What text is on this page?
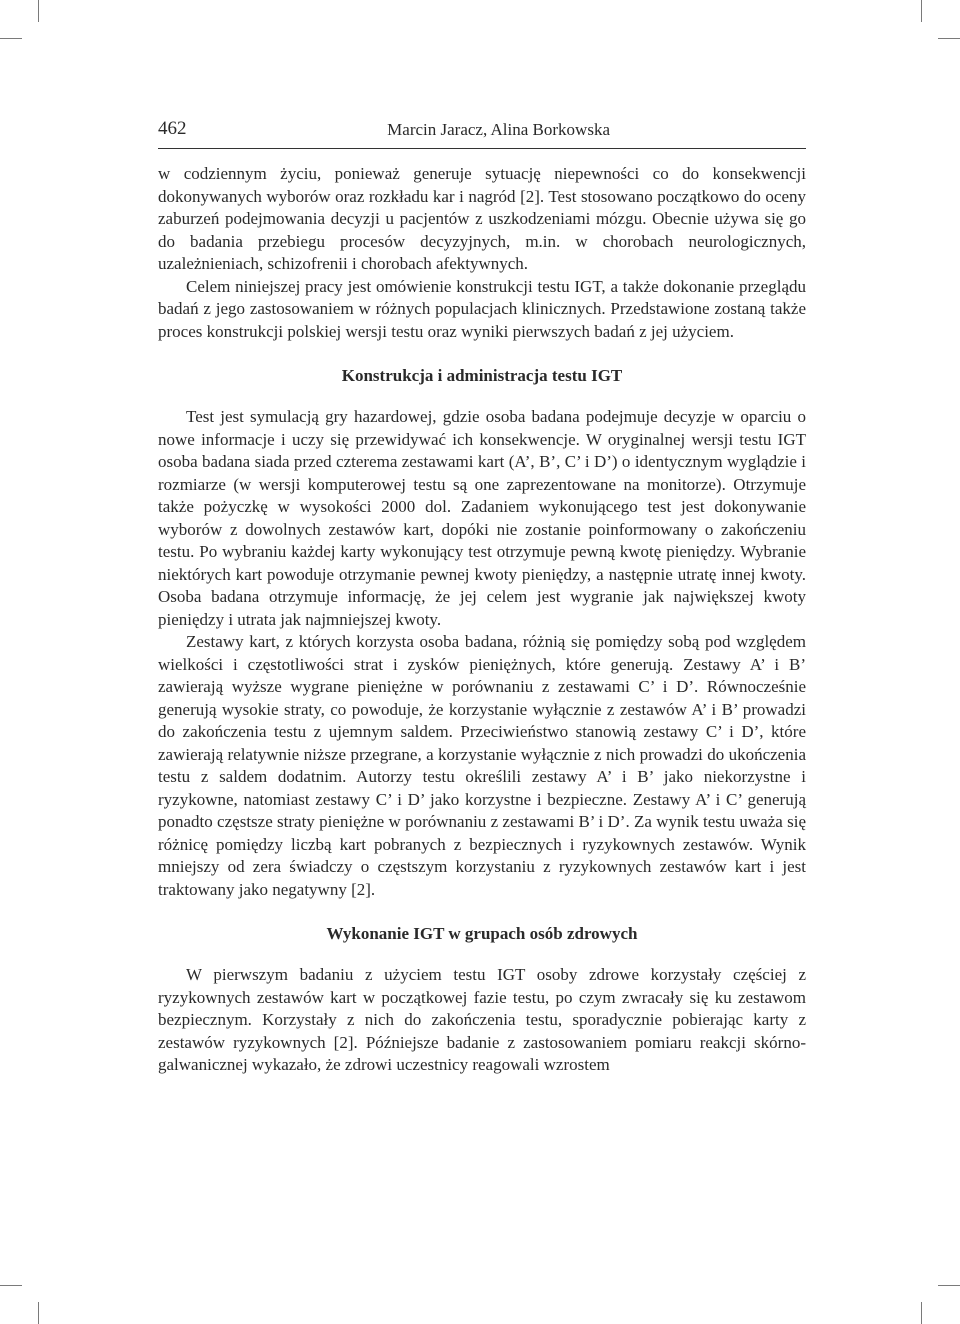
462	Marcin Jaracz, Alina Borkowska

w codziennym życiu, ponieważ generuje sytuację niepewności co do konsekwencji dokonywanych wyborów oraz rozkładu kar i nagród [2]. Test stosowano początkowo do oceny zaburzeń podejmowania decyzji u pacjentów z uszkodzeniami mózgu. Obecnie używa się go do badania przebiegu procesów decyzyjnych, m.in. w chorobach neurologicznych, uzależnieniach, schizofrenii i chorobach afektywnych.

Celem niniejszej pracy jest omówienie konstrukcji testu IGT, a także dokonanie przeglądu badań z jego zastosowaniem w różnych populacjach klinicznych. Przedstawione zostaną także proces konstrukcji polskiej wersji testu oraz wyniki pierwszych badań z jej użyciem.

Konstrukcja i administracja testu IGT

Test jest symulacją gry hazardowej, gdzie osoba badana podejmuje decyzje w oparciu o nowe informacje i uczy się przewidywać ich konsekwencje. W oryginalnej wersji testu IGT osoba badana siada przed czterema zestawami kart (A’, B’, C’ i D’) o identycznym wyglądzie i rozmiarze (w wersji komputerowej testu są one zaprezentowane na monitorze). Otrzymuje także pożyczkę w wysokości 2000 dol. Zadaniem wykonującego test jest dokonywanie wyborów z dowolnych zestawów kart, dopóki nie zostanie poinformowany o zakończeniu testu. Po wybraniu każdej karty wykonujący test otrzymuje pewną kwotę pieniędzy. Wybranie niektórych kart powoduje otrzymanie pewnej kwoty pieniędzy, a następnie utratę innej kwoty. Osoba badana otrzymuje informację, że jej celem jest wygranie jak największej kwoty pieniędzy i utrata jak najmniejszej kwoty.

Zestawy kart, z których korzysta osoba badana, różnią się pomiędzy sobą pod względem wielkości i częstotliwości strat i zysków pieniężnych, które generują. Zestawy A’ i B’ zawierają wyższe wygrane pieniężne w porównaniu z zestawami C’ i D’. Równocześnie generują wysokie straty, co powoduje, że korzystanie wyłącznie z zestawów A’ i B’ prowadzi do zakończenia testu z ujemnym saldem. Przeciwieństwo stanowią zestawy C’ i D’, które zawierają relatywnie niższe przegrane, a korzystanie wyłącznie z nich prowadzi do ukończenia testu z saldem dodatnim. Autorzy testu określili zestawy A’ i B’ jako niekorzystne i ryzykowne, natomiast zestawy C’ i D’ jako korzystne i bezpieczne. Zestawy A’ i C’ generują ponadto częstsze straty pieniężne w porównaniu z zestawami B’ i D’. Za wynik testu uważa się różnicę pomiędzy liczbą kart pobranych z bezpiecznych i ryzykownych zestawów. Wynik mniejszy od zera świadczy o częstszym korzystaniu z ryzykownych zestawów kart i jest traktowany jako negatywny [2].

Wykonanie IGT w grupach osób zdrowych

W pierwszym badaniu z użyciem testu IGT osoby zdrowe korzystały częściej z ryzykownych zestawów kart w początkowej fazie testu, po czym zwracały się ku zestawom bezpiecznym. Korzystały z nich do zakończenia testu, sporadycznie pobierając karty z zestawów ryzykownych [2]. Późniejsze badanie z zastosowaniem pomiaru reakcji skórno-galwanicznej wykazało, że zdrowi uczestnicy reagowali wzrostem
